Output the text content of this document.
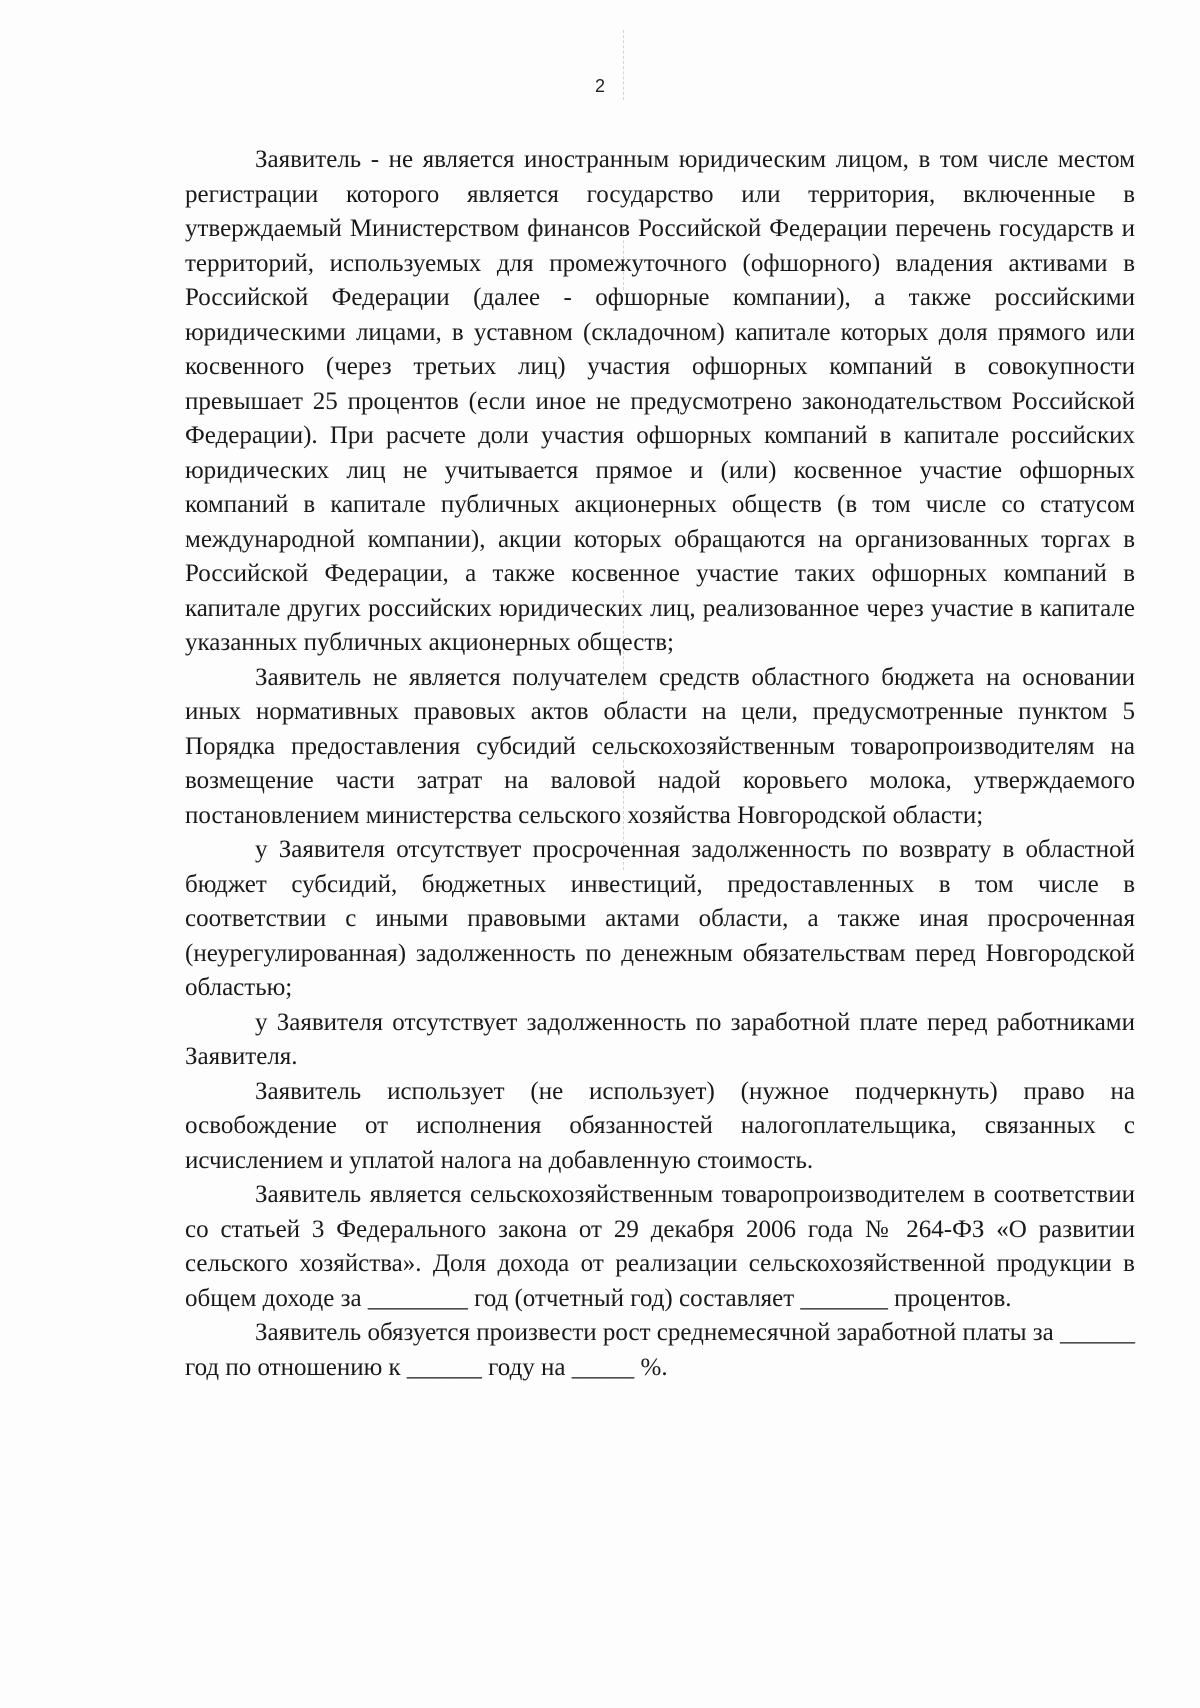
2

Заявитель - не является иностранным юридическим лицом, в том числе местом регистрации которого является государство или территория, включенные в утверждаемый Министерством финансов Российской Федерации перечень государств и территорий, используемых для промежуточного (офшорного) владения активами в Российской Федерации (далее - офшорные компании), а также российскими юридическими лицами, в уставном (складочном) капитале которых доля прямого или косвенного (через третьих лиц) участия офшорных компаний в совокупности превышает 25 процентов (если иное не предусмотрено законодательством Российской Федерации). При расчете доли участия офшорных компаний в капитале российских юридических лиц не учитывается прямое и (или) косвенное участие офшорных компаний в капитале публичных акционерных обществ (в том числе со статусом международной компании), акции которых обращаются на организованных торгах в Российской Федерации, а также косвенное участие таких офшорных компаний в капитале других российских юридических лиц, реализованное через участие в капитале указанных публичных акционерных обществ;

Заявитель не является получателем средств областного бюджета на основании иных нормативных правовых актов области на цели, предусмотренные пунктом 5 Порядка предоставления субсидий сельскохозяйственным товаропроизводителям на возмещение части затрат на валовой надой коровьего молока, утверждаемого постановлением министерства сельского хозяйства Новгородской области;

у Заявителя отсутствует просроченная задолженность по возврату в областной бюджет субсидий, бюджетных инвестиций, предоставленных в том числе в соответствии с иными правовыми актами области, а также иная просроченная (неурегулированная) задолженность по денежным обязательствам перед Новгородской областью;

у Заявителя отсутствует задолженность по заработной плате перед работниками Заявителя.

Заявитель использует (не использует) (нужное подчеркнуть) право на освобождение от исполнения обязанностей налогоплательщика, связанных с исчислением и уплатой налога на добавленную стоимость.

Заявитель является сельскохозяйственным товаропроизводителем в соответствии со статьей 3 Федерального закона от 29 декабря 2006 года № 264-ФЗ «О развитии сельского хозяйства». Доля дохода от реализации сельскохозяйственной продукции в общем доходе за ________ год (отчетный год) составляет _______ процентов.

Заявитель обязуется произвести рост среднемесячной заработной платы за ______ год по отношению к ______ году на _____ %.
